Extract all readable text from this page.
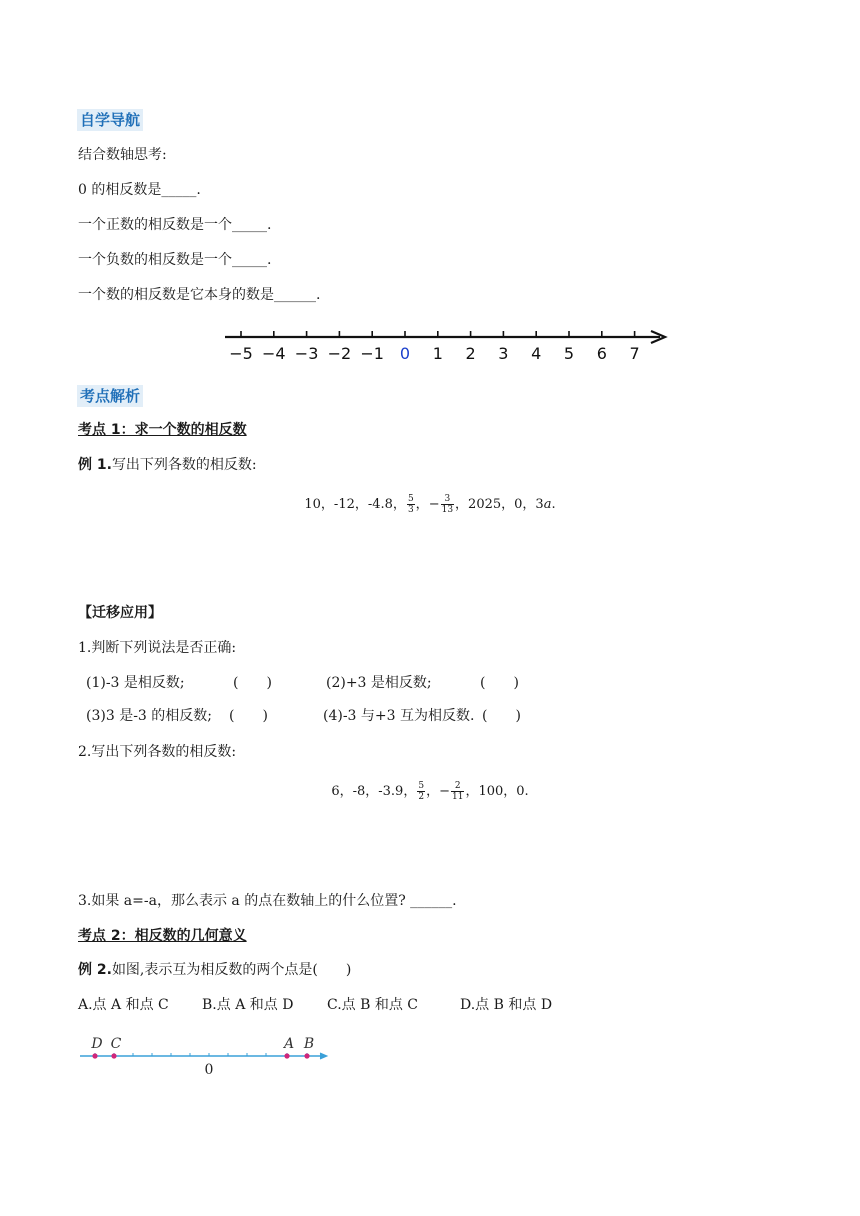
自学导航
结合数轴思考:
0 的相反数是_____.
一个正数的相反数是一个_____.
一个负数的相反数是一个_____.
一个数的相反数是它本身的数是______.
−5 −4 −3 −2 −1 0 1 2 3 4 5 6 7
考点解析
考点 1：求一个数的相反数
例 1.写出下列各数的相反数:
10，-12，-4.8， $\frac{5}{3}$ ，− $\frac{3}{13}$ ，2025，0，3a.
【迁移应用】
1.判断下列说法是否正确:
(1)-3 是相反数;	(　　)	(2)+3 是相反数;	(　　)
(3)3 是-3 的相反数; (　　)	(4)-3 与+3 互为相反数. (　　)
2.写出下列各数的相反数:
6，-8，-3.9， $\frac{5}{2}$ ，− $\frac{2}{11}$ ，100，0.
3.如果 a=-a，那么表示 a 的点在数轴上的什么位置? ______.
考点 2：相反数的几何意义
例 2.如图,表示互为相反数的两个点是(　　)
A.点 A 和点 C B.点 A 和点 D C.点 B 和点 C	D.点 B 和点 D
D C	A B
0
